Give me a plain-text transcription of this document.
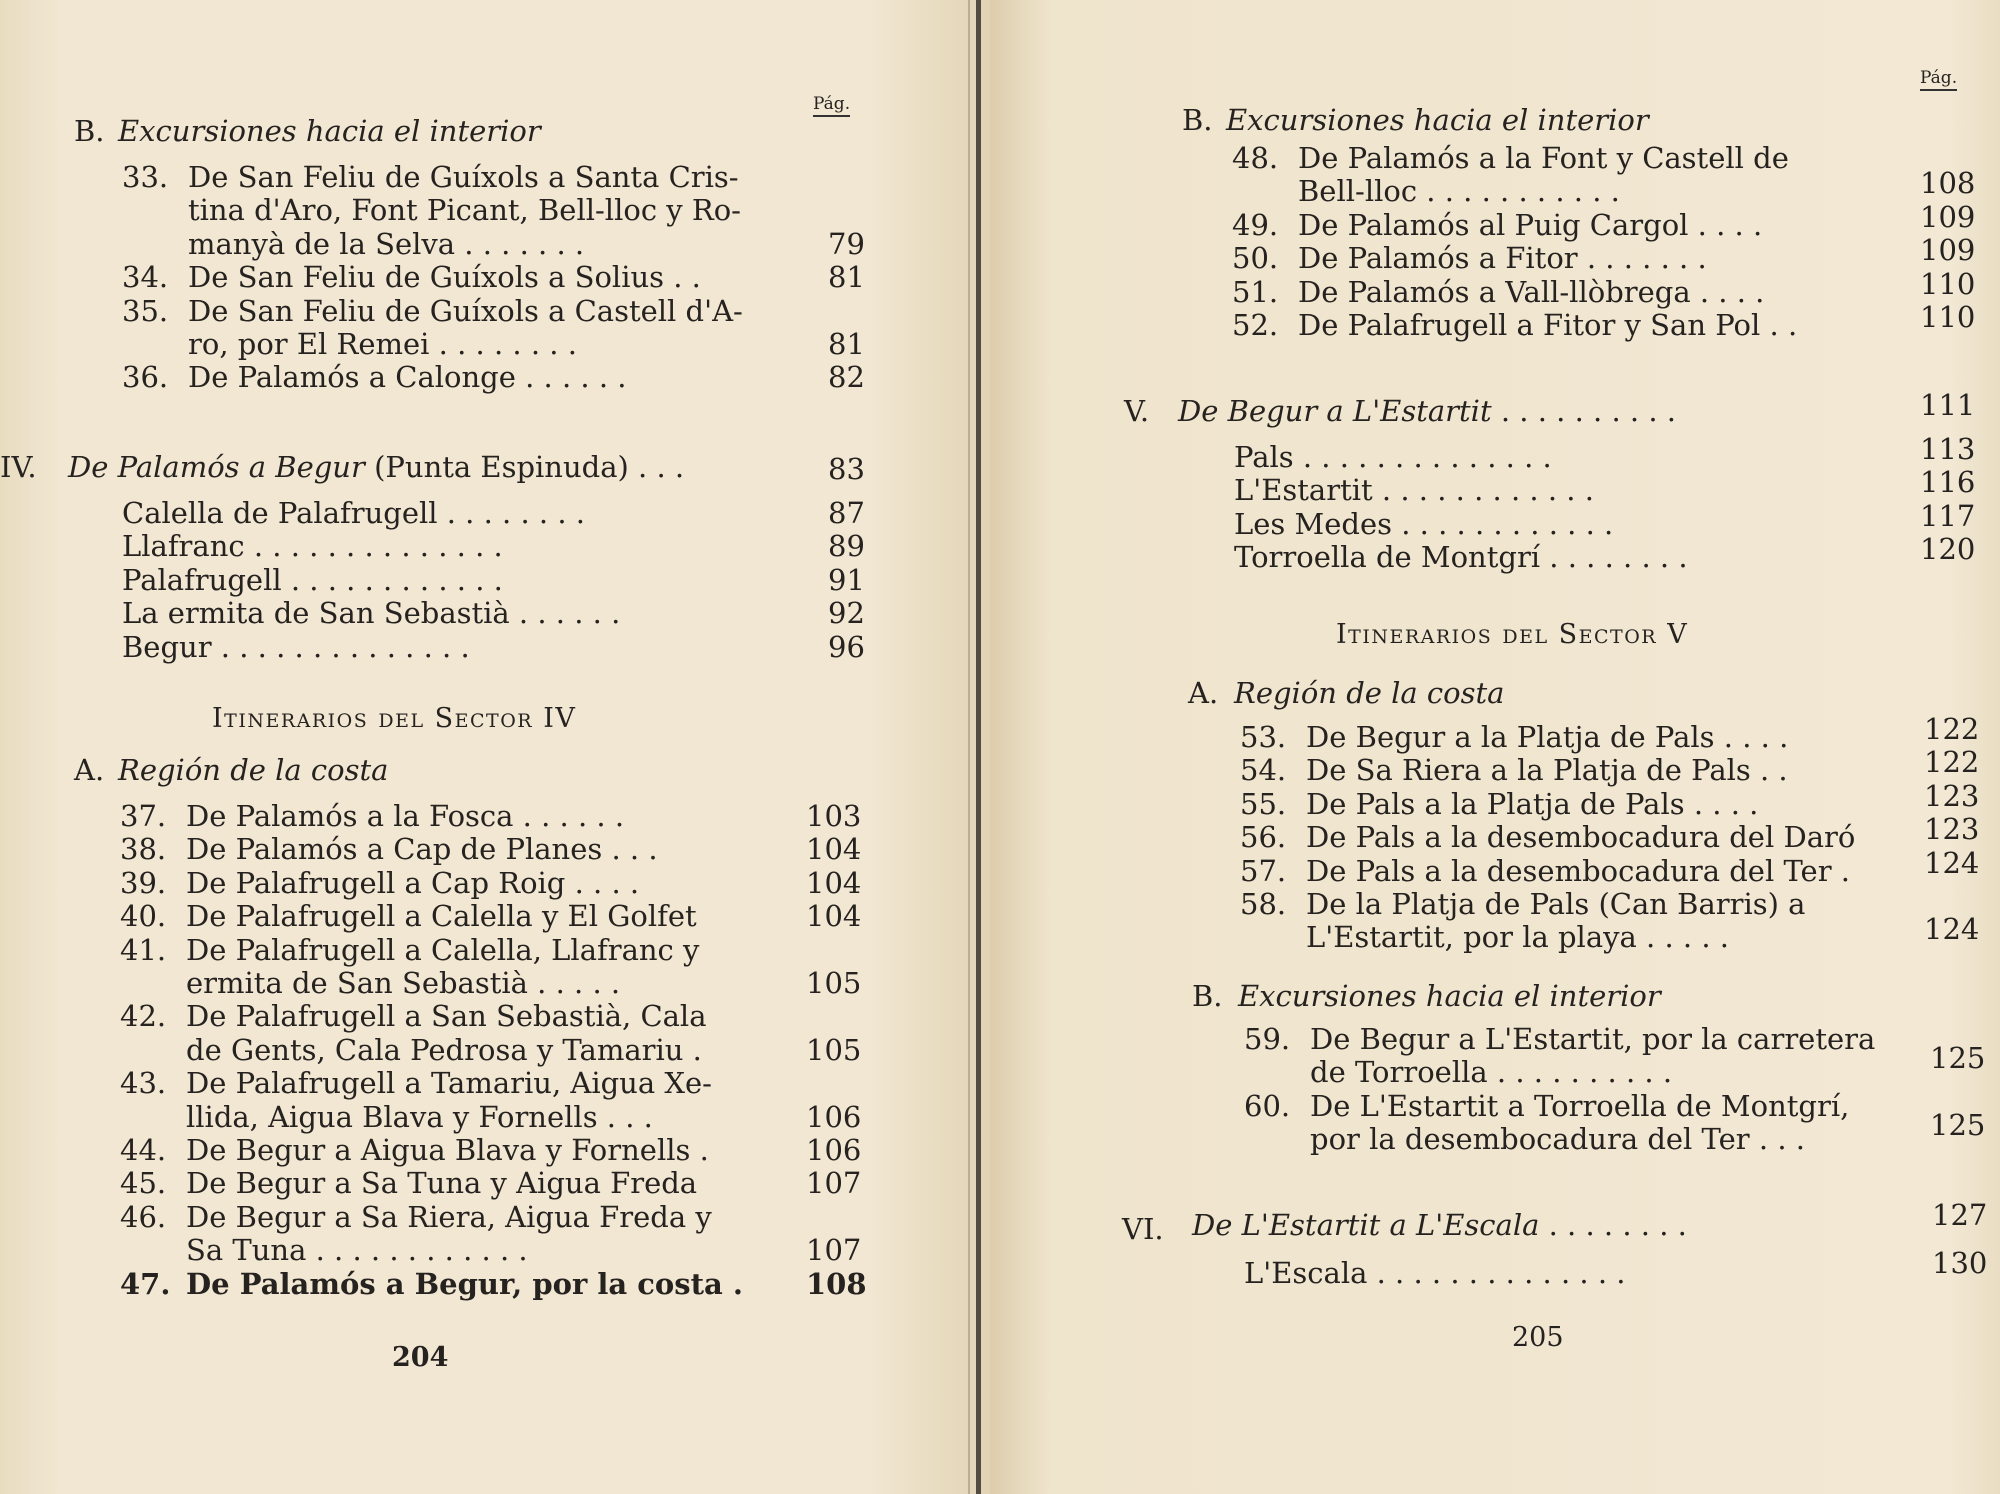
Pág.
B. Excursiones hacia el interior
33. De San Feliu de Guíxols a Santa Cris-
tina d'Aro, Font Picant, Bell-lloc y Ro-
manyà de la Selva . . . . . . .	79
34. De San Feliu de Guíxols a Solius . .	81
35. De San Feliu de Guíxols a Castell d'A-
ro, por El Remei . . . . . . . .	81
36. De Palamós a Calonge . . . . . .	82
IV. De Palamós a Begur (Punta Espinuda) . . .	83
Calella de Palafrugell . . . . . . . .	87
Llafranc . . . . . . . . . . . . . .	89
Palafrugell . . . . . . . . . . . .	91
La ermita de San Sebastià . . . . . .	92
Begur . . . . . . . . . . . . . .	96
Itinerarios del Sector IV
A. Región de la costa
37. De Palamós a la Fosca . . . . . .	103
38. De Palamós a Cap de Planes . . .	104
39. De Palafrugell a Cap Roig . . . .	104
40. De Palafrugell a Calella y El Golfet	104
41. De Palafrugell a Calella, Llafranc y
ermita de San Sebastià . . . . .	105
42. De Palafrugell a San Sebastià, Cala
de Gents, Cala Pedrosa y Tamariu .	105
43. De Palafrugell a Tamariu, Aigua Xe-
llida, Aigua Blava y Fornells . . .	106
44. De Begur a Aigua Blava y Fornells .	106
45. De Begur a Sa Tuna y Aigua Freda	107
46. De Begur a Sa Riera, Aigua Freda y
Sa Tuna . . . . . . . . . . . .	107
47. De Palamós a Begur, por la costa . 108
204
Pág.
B. Excursiones hacia el interior
48. De Palamós a la Font y Castell de
Bell-lloc . . . . . . . . . . .	108
49. De Palamós al Puig Cargol . . . .	109
50. De Palamós a Fitor . . . . . . .	109
51. De Palamós a Vall-llòbrega . . . .	110
52. De Palafrugell a Fitor y San Pol . .	110
V. De Begur a L'Estartit . . . . . . . . . .	111
Pals . . . . . . . . . . . . . .	113
L'Estartit . . . . . . . . . . . .	116
Les Medes . . . . . . . . . . . .	117
Torroella de Montgrí . . . . . . . .	120
Itinerarios del Sector V
A. Región de la costa
53. De Begur a la Platja de Pals . . . .	122
54. De Sa Riera a la Platja de Pals . .	122
55. De Pals a la Platja de Pals . . . .	123
56. De Pals a la desembocadura del Daró 123
57. De Pals a la desembocadura del Ter .	124
58. De la Platja de Pals (Can Barris) a
L'Estartit, por la playa . . . . .	124
B. Excursiones hacia el interior
59. De Begur a L'Estartit, por la carretera
de Torroella . . . . . . . . . .	125
60. De L'Estartit a Torroella de Montgrí,
por la desembocadura del Ter . . .	125
VI. De L'Estartit a L'Escala . . . . . . . .	127
L'Escala . . . . . . . . . . . . . .	130
205
